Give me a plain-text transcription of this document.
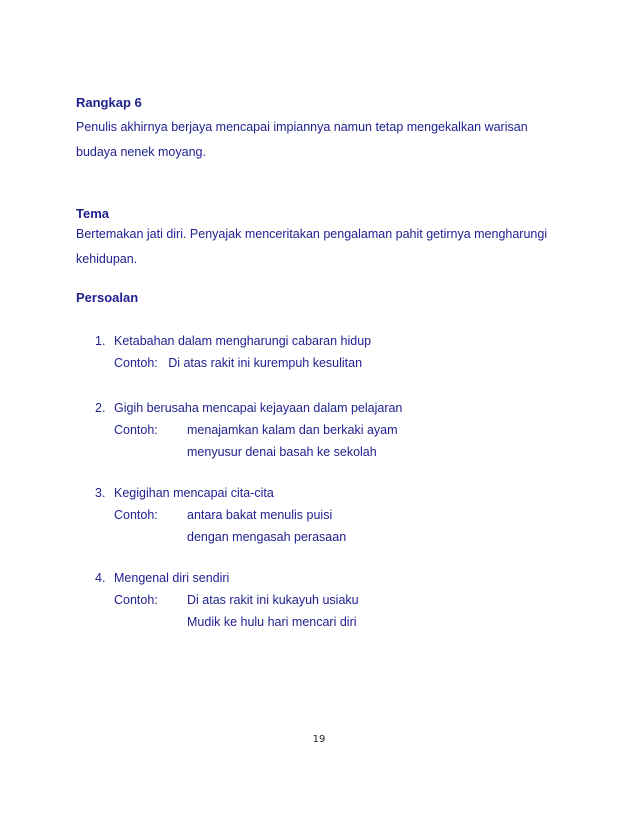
Rangkap 6

Penulis akhirnya berjaya mencapai impiannya namun tetap mengekalkan warisan budaya nenek moyang.

Tema

Bertemakan jati diri. Penyajak menceritakan pengalaman pahit getirnya mengharungi kehidupan.

Persoalan
1. Ketabahan dalam mengharungi cabaran hidup
Contoh: Di atas rakit ini kurempuh kesulitan
2. Gigih berusaha mencapai kejayaan dalam pelajaran
Contoh: menajamkan kalam dan berkaki ayam
menyusur denai basah ke sekolah
3. Kegigihan mencapai cita-cita
Contoh: antara bakat menulis puisi
dengan mengasah perasaan
4. Mengenal diri sendiri
Contoh: Di atas rakit ini kukayuh usiaku
Mudik ke hulu hari mencari diri
19
